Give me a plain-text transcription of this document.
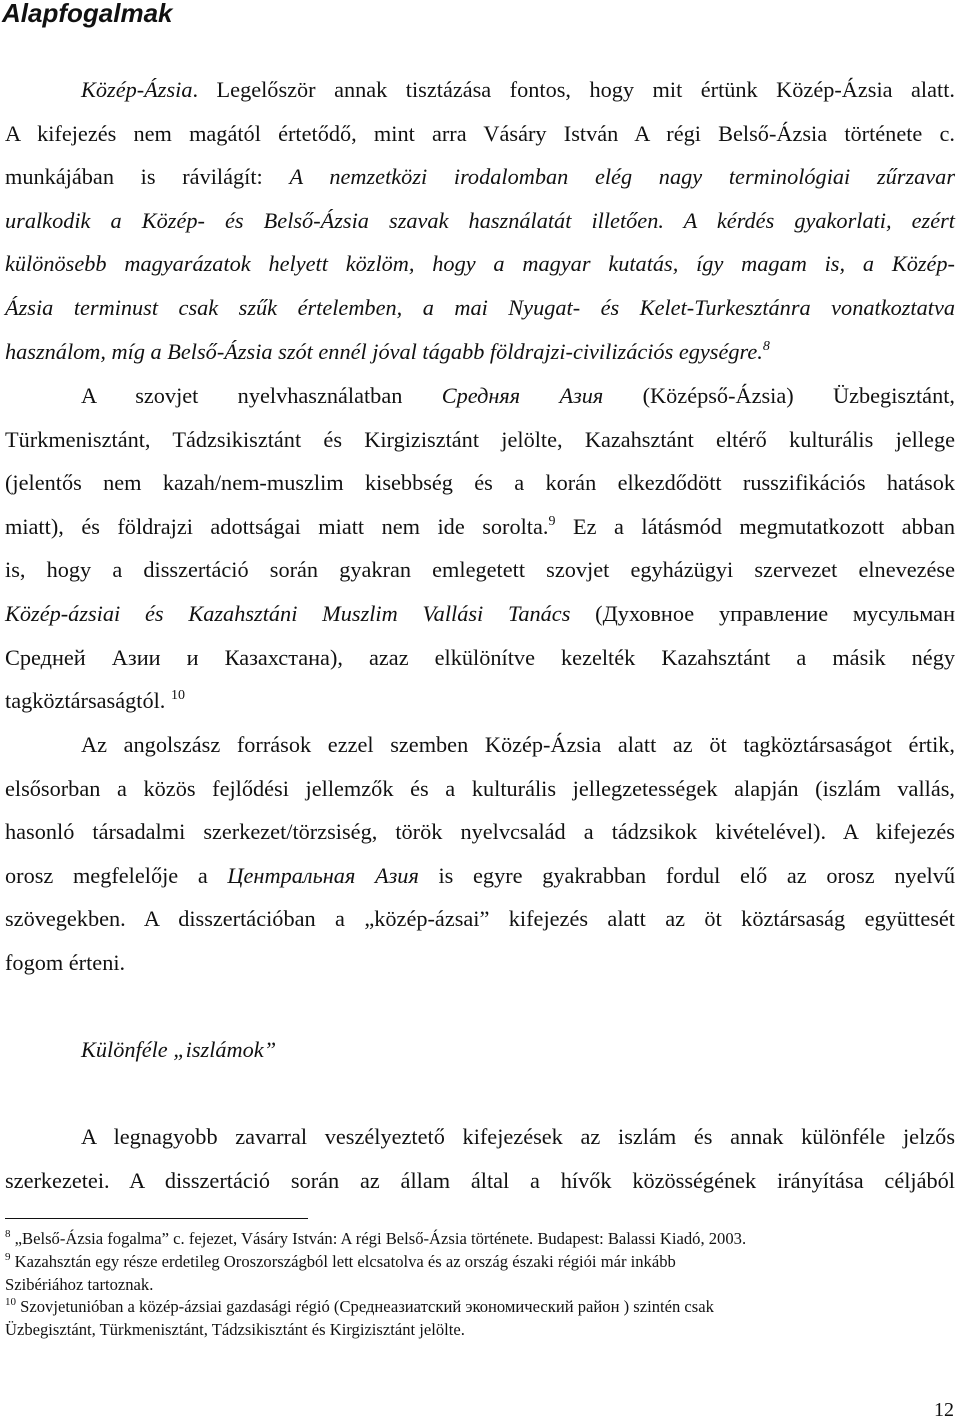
Alapfogalmak
Közép-Ázsia. Legelőször annak tisztázása fontos, hogy mit értünk Közép-Ázsia alatt.
A kifejezés nem magától értetődő, mint arra Vásáry István A régi Belső-Ázsia története c.
munkájában is rávilágít: A nemzetközi irodalomban elég nagy terminológiai zűrzavar
uralkodik a Közép- és Belső-Ázsia szavak használatát illetően. A kérdés gyakorlati, ezért
különösebb magyarázatok helyett közlöm, hogy a magyar kutatás, így magam is, a Közép-
Ázsia terminust csak szűk értelemben, a mai Nyugat- és Kelet-Turkesztánra vonatkoztatva
használom, míg a Belső-Ázsia szót ennél jóval tágabb földrajzi-civilizációs egységre.$^8$
A szovjet nyelvhasználatban Средняя Азия (Középső-Ázsia) Üzbegisztánt,
Türkmenisztánt, Tádzsikisztánt és Kirgizisztánt jelölte, Kazahsztánt eltérő kulturális jellege
(jelentős nem kazah/nem-muszlim kisebbség és a korán elkezdődött russzifikációs hatások
miatt), és földrajzi adottságai miatt nem ide sorolta.$^9$ Ez a látásmód megmutatkozott abban
is, hogy a disszertáció során gyakran emlegetett szovjet egyházügyi szervezet elnevezése
Közép-ázsiai és Kazahsztáni Muszlim Vallási Tanács (Духовное управление мусульман
Средней Азии и Казахстана), azaz elkülönítve kezelték Kazahsztánt a másik négy
tagköztársaságtól. $^{10}$
Az angolszász források ezzel szemben Közép-Ázsia alatt az öt tagköztársaságot értik,
elsősorban a közös fejlődési jellemzők és a kulturális jellegzetességek alapján (iszlám vallás,
hasonló társadalmi szerkezet/törzsiség, török nyelvcsalád a tádzsikok kivételével). A kifejezés
orosz megfelelője a Центральная Азия is egyre gyakrabban fordul elő az orosz nyelvű
szövegekben. A disszertációban a „közép-ázsai” kifejezés alatt az öt köztársaság együttesét
fogom érteni.
Különféle „iszlámok”
A legnagyobb zavarral veszélyeztető kifejezések az iszlám és annak különféle jelzős
szerkezetei. A disszertáció során az állam által a hívők közösségének irányítása céljából
$^8$ „Belső-Ázsia fogalma” c. fejezet, Vásáry István: A régi Belső-Ázsia története. Budapest: Balassi Kiadó, 2003.
$^9$ Kazahsztán egy része erdetileg Oroszországból lett elcsatolva és az ország északi régiói már inkább
Szibériához tartoznak.
$^{10}$ Szovjetunióban a közép-ázsiai gazdasági régió (Среднеазиатский экономический район ) szintén csak
Üzbegisztánt, Türkmenisztánt, Tádzsikisztánt és Kirgizisztánt jelölte.
12
